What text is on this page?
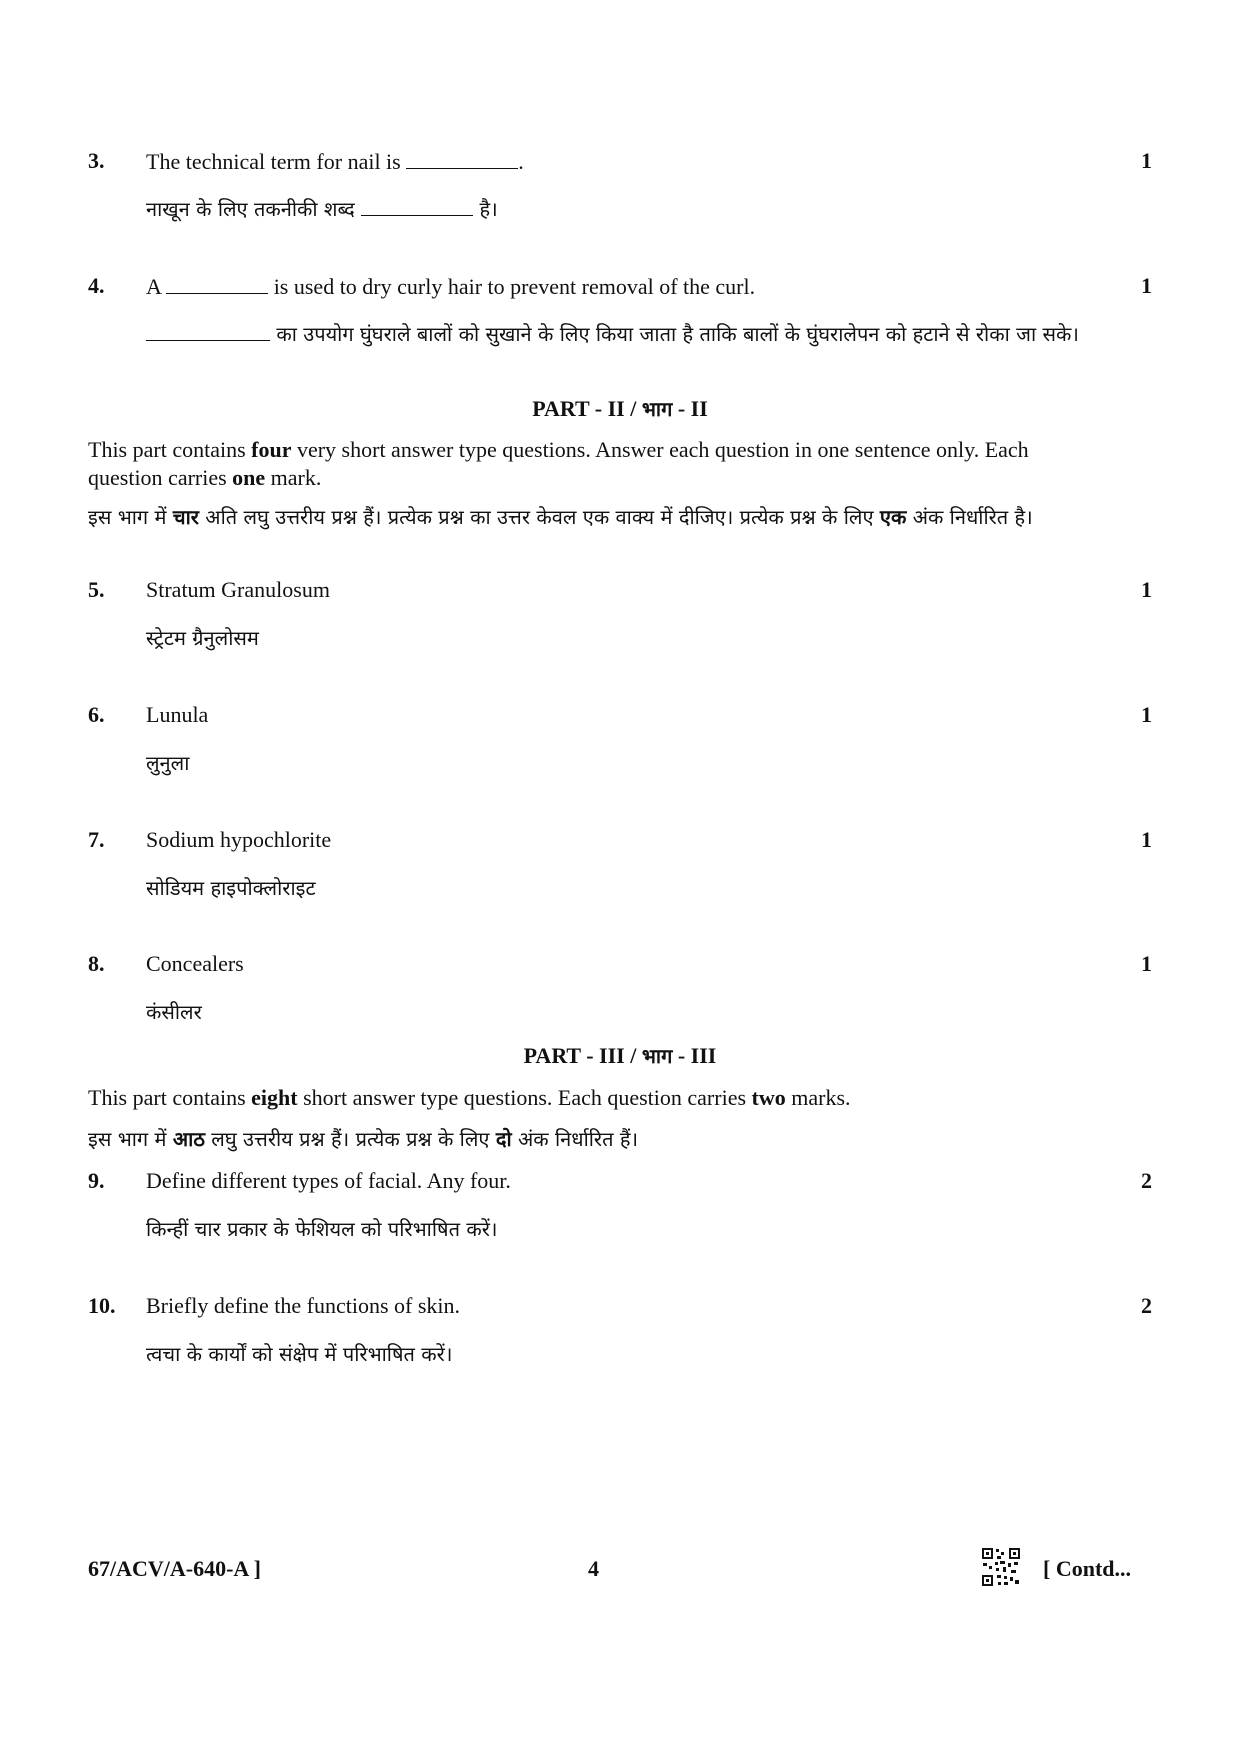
3. The technical term for nail is	.
नाखून के लिए तकनीकी शब्द	है।
1
4. A	is used to dry curly hair to prevent removal of the curl.
का उपयोग घुंघराले बालों को सुखाने के लिए किया जाता है ताकि बालों के घुंघरालेपन को हटाने से रोका जा सके।
1
PART - II / भाग - II
This part contains four very short answer type questions. Answer each question in one sentence only. Each question carries one mark.
इस भाग में चार अति लघु उत्तरीय प्रश्न हैं। प्रत्येक प्रश्न का उत्तर केवल एक वाक्य में दीजिए। प्रत्येक प्रश्न के लिए एक अंक निर्धारित है।
5. Stratum Granulosum
स्ट्रेटम ग्रैनुलोसम
1
6. Lunula
लुनुला
1
7. Sodium hypochlorite
सोडियम हाइपोक्लोराइट
1
8. Concealers
कंसीलर
1
PART - III / भाग - III
This part contains eight short answer type questions. Each question carries two marks.
इस भाग में आठ लघु उत्तरीय प्रश्न हैं। प्रत्येक प्रश्न के लिए दो अंक निर्धारित हैं।
9. Define different types of facial. Any four.
किन्हीं चार प्रकार के फेशियल को परिभाषित करें।
2
10. Briefly define the functions of skin.
त्वचा के कार्यों को संक्षेप में परिभाषित करें।
2
67/ACV/A-640-A ]	4	[ Contd...
